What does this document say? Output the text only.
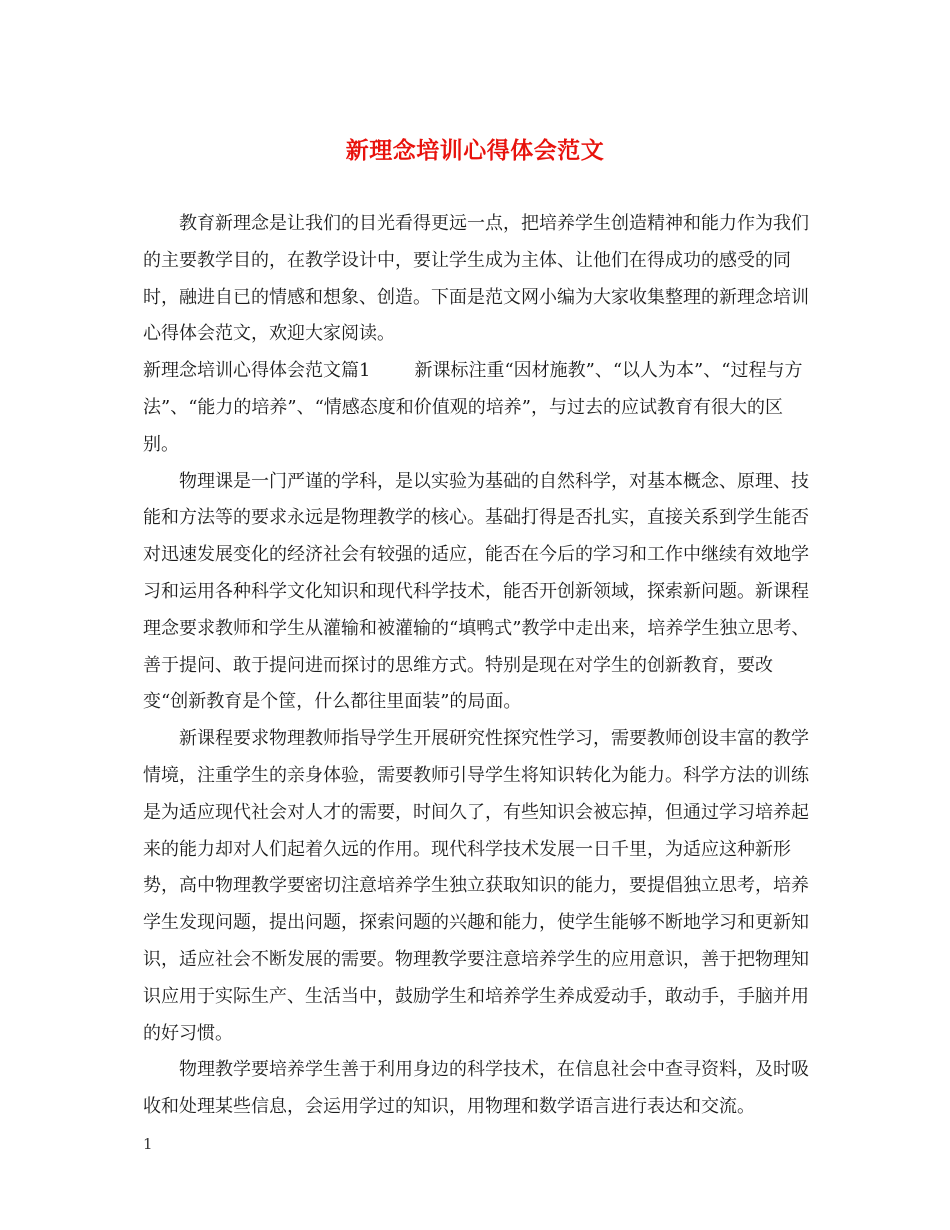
新理念培训心得体会范文

教育新理念是让我们的目光看得更远一点，把培养学生创造精神和能力作为我们的主要教学目的，在教学设计中，要让学生成为主体、让他们在得成功的感受的同时，融进自已的情感和想象、创造。下面是范文网小编为大家收集整理的新理念培训心得体会范文，欢迎大家阅读。

新理念培训心得体会范文篇1 新课标注重“因材施教”、“以人为本”、“过程与方法”、“能力的培养”、“情感态度和价值观的培养”，与过去的应试教育有很大的区别。

物理课是一门严谨的学科，是以实验为基础的自然科学，对基本概念、原理、技能和方法等的要求永远是物理教学的核心。基础打得是否扎实，直接关系到学生能否对迅速发展变化的经济社会有较强的适应，能否在今后的学习和工作中继续有效地学习和运用各种科学文化知识和现代科学技术，能否开创新领域，探索新问题。新课程理念要求教师和学生从灌输和被灌输的“填鸭式”教学中走出来，培养学生独立思考、善于提问、敢于提问进而探讨的思维方式。特别是现在对学生的创新教育，要改变“创新教育是个筐，什么都往里面装”的局面。

新课程要求物理教师指导学生开展研究性探究性学习，需要教师创设丰富的教学情境，注重学生的亲身体验，需要教师引导学生将知识转化为能力。科学方法的训练是为适应现代社会对人才的需要，时间久了，有些知识会被忘掉，但通过学习培养起来的能力却对人们起着久远的作用。现代科学技术发展一日千里，为适应这种新形势，高中物理教学要密切注意培养学生独立获取知识的能力，要提倡独立思考，培养学生发现问题，提出问题，探索问题的兴趣和能力，使学生能够不断地学习和更新知识，适应社会不断发展的需要。物理教学要注意培养学生的应用意识，善于把物理知识应用于实际生产、生活当中，鼓励学生和培养学生养成爱动手，敢动手，手脑并用的好习惯。

物理教学要培养学生善于利用身边的科学技术，在信息社会中查寻资料，及时吸收和处理某些信息，会运用学过的知识，用物理和数学语言进行表达和交流。

1
